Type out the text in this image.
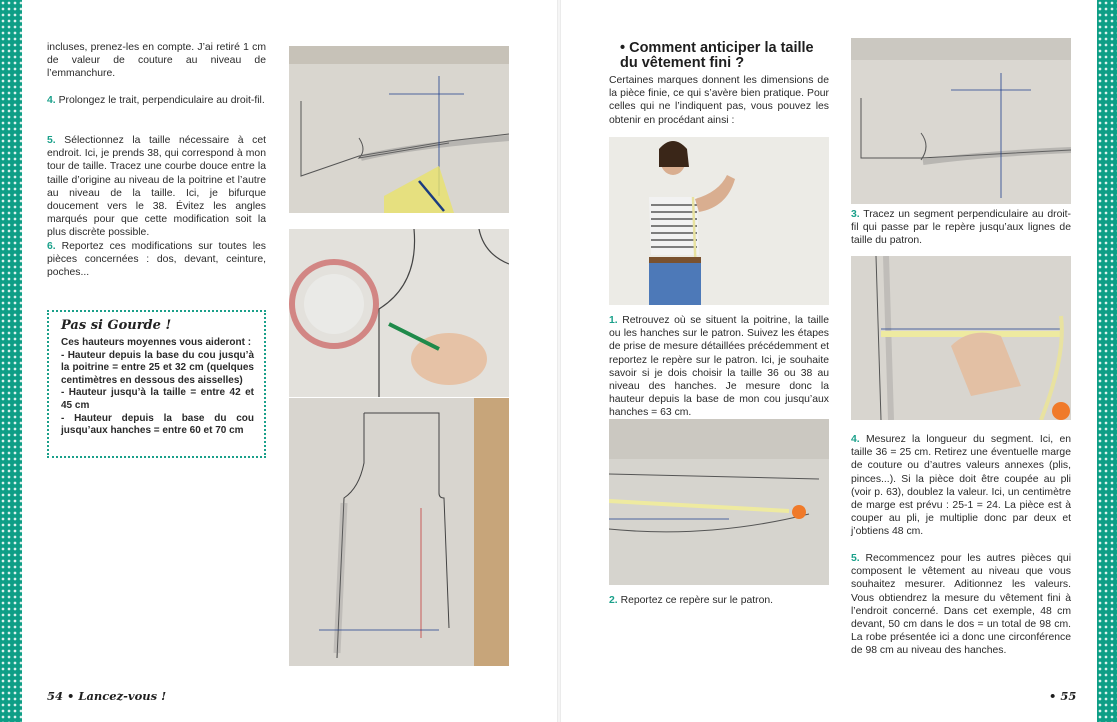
incluses, prenez-les en compte. J’ai retiré 1 cm de valeur de couture au niveau de l’emmanchure.

4. Prolongez le trait, perpendiculaire au droit-fil.

5. Sélectionnez la taille nécessaire à cet endroit. Ici, je prends 38, qui correspond à mon tour de taille. Tracez une courbe douce entre la taille d’origine au niveau de la poitrine et l’autre au niveau de la taille. Ici, je bifurque doucement vers le 38. Évitez les angles marqués pour que cette modification soit la plus discrète possible.

6. Reportez ces modifications sur toutes les pièces concernées : dos, devant, ceinture, poches...

Pas si Gourde !

Ces hauteurs moyennes vous aideront :

- Hauteur depuis la base du cou jusqu’à la poitrine = entre 25 et 32 cm (quelques centimètres en dessous des aisselles)
- Hauteur jusqu’à la taille = entre 42 et 45 cm
- Hauteur depuis la base du cou jusqu’aux hanches = entre 60 et 70 cm
54 • Lancez-vous !
• Comment anticiper la taille du vêtement fini ?

Certaines marques donnent les dimensions de la pièce finie, ce qui s’avère bien pratique. Pour celles qui ne l’indiquent pas, vous pouvez les obtenir en procédant ainsi :

1. Retrouvez où se situent la poitrine, la taille ou les hanches sur le patron. Suivez les étapes de prise de mesure détaillées précédemment et reportez le repère sur le patron. Ici, je souhaite savoir si je dois choisir la taille 36 ou 38 au niveau des hanches. Je mesure donc la hauteur depuis la base de mon cou jusqu’aux hanches = 63 cm.

2. Reportez ce repère sur le patron.

3. Tracez un segment perpendiculaire au droit-fil qui passe par le repère jusqu’aux lignes de taille du patron.

4. Mesurez la longueur du segment. Ici, en taille 36 = 25 cm. Retirez une éventuelle marge de couture ou d’autres valeurs annexes (plis, pinces...). Si la pièce doit être coupée au pli (voir p. 63), doublez la valeur. Ici, un centimètre de marge est prévu : 25-1 = 24. La pièce est à couper au pli, je multiplie donc par deux et j’obtiens 48 cm.

5. Recommencez pour les autres pièces qui composent le vêtement au niveau que vous souhaitez mesurer. Aditionnez les valeurs. Vous obtiendrez la mesure du vêtement fini à l’endroit concerné. Dans cet exemple, 48 cm devant, 50 cm dans le dos = un total de 98 cm. La robe présentée ici a donc une circonférence de 98 cm au niveau des hanches.

• 55
